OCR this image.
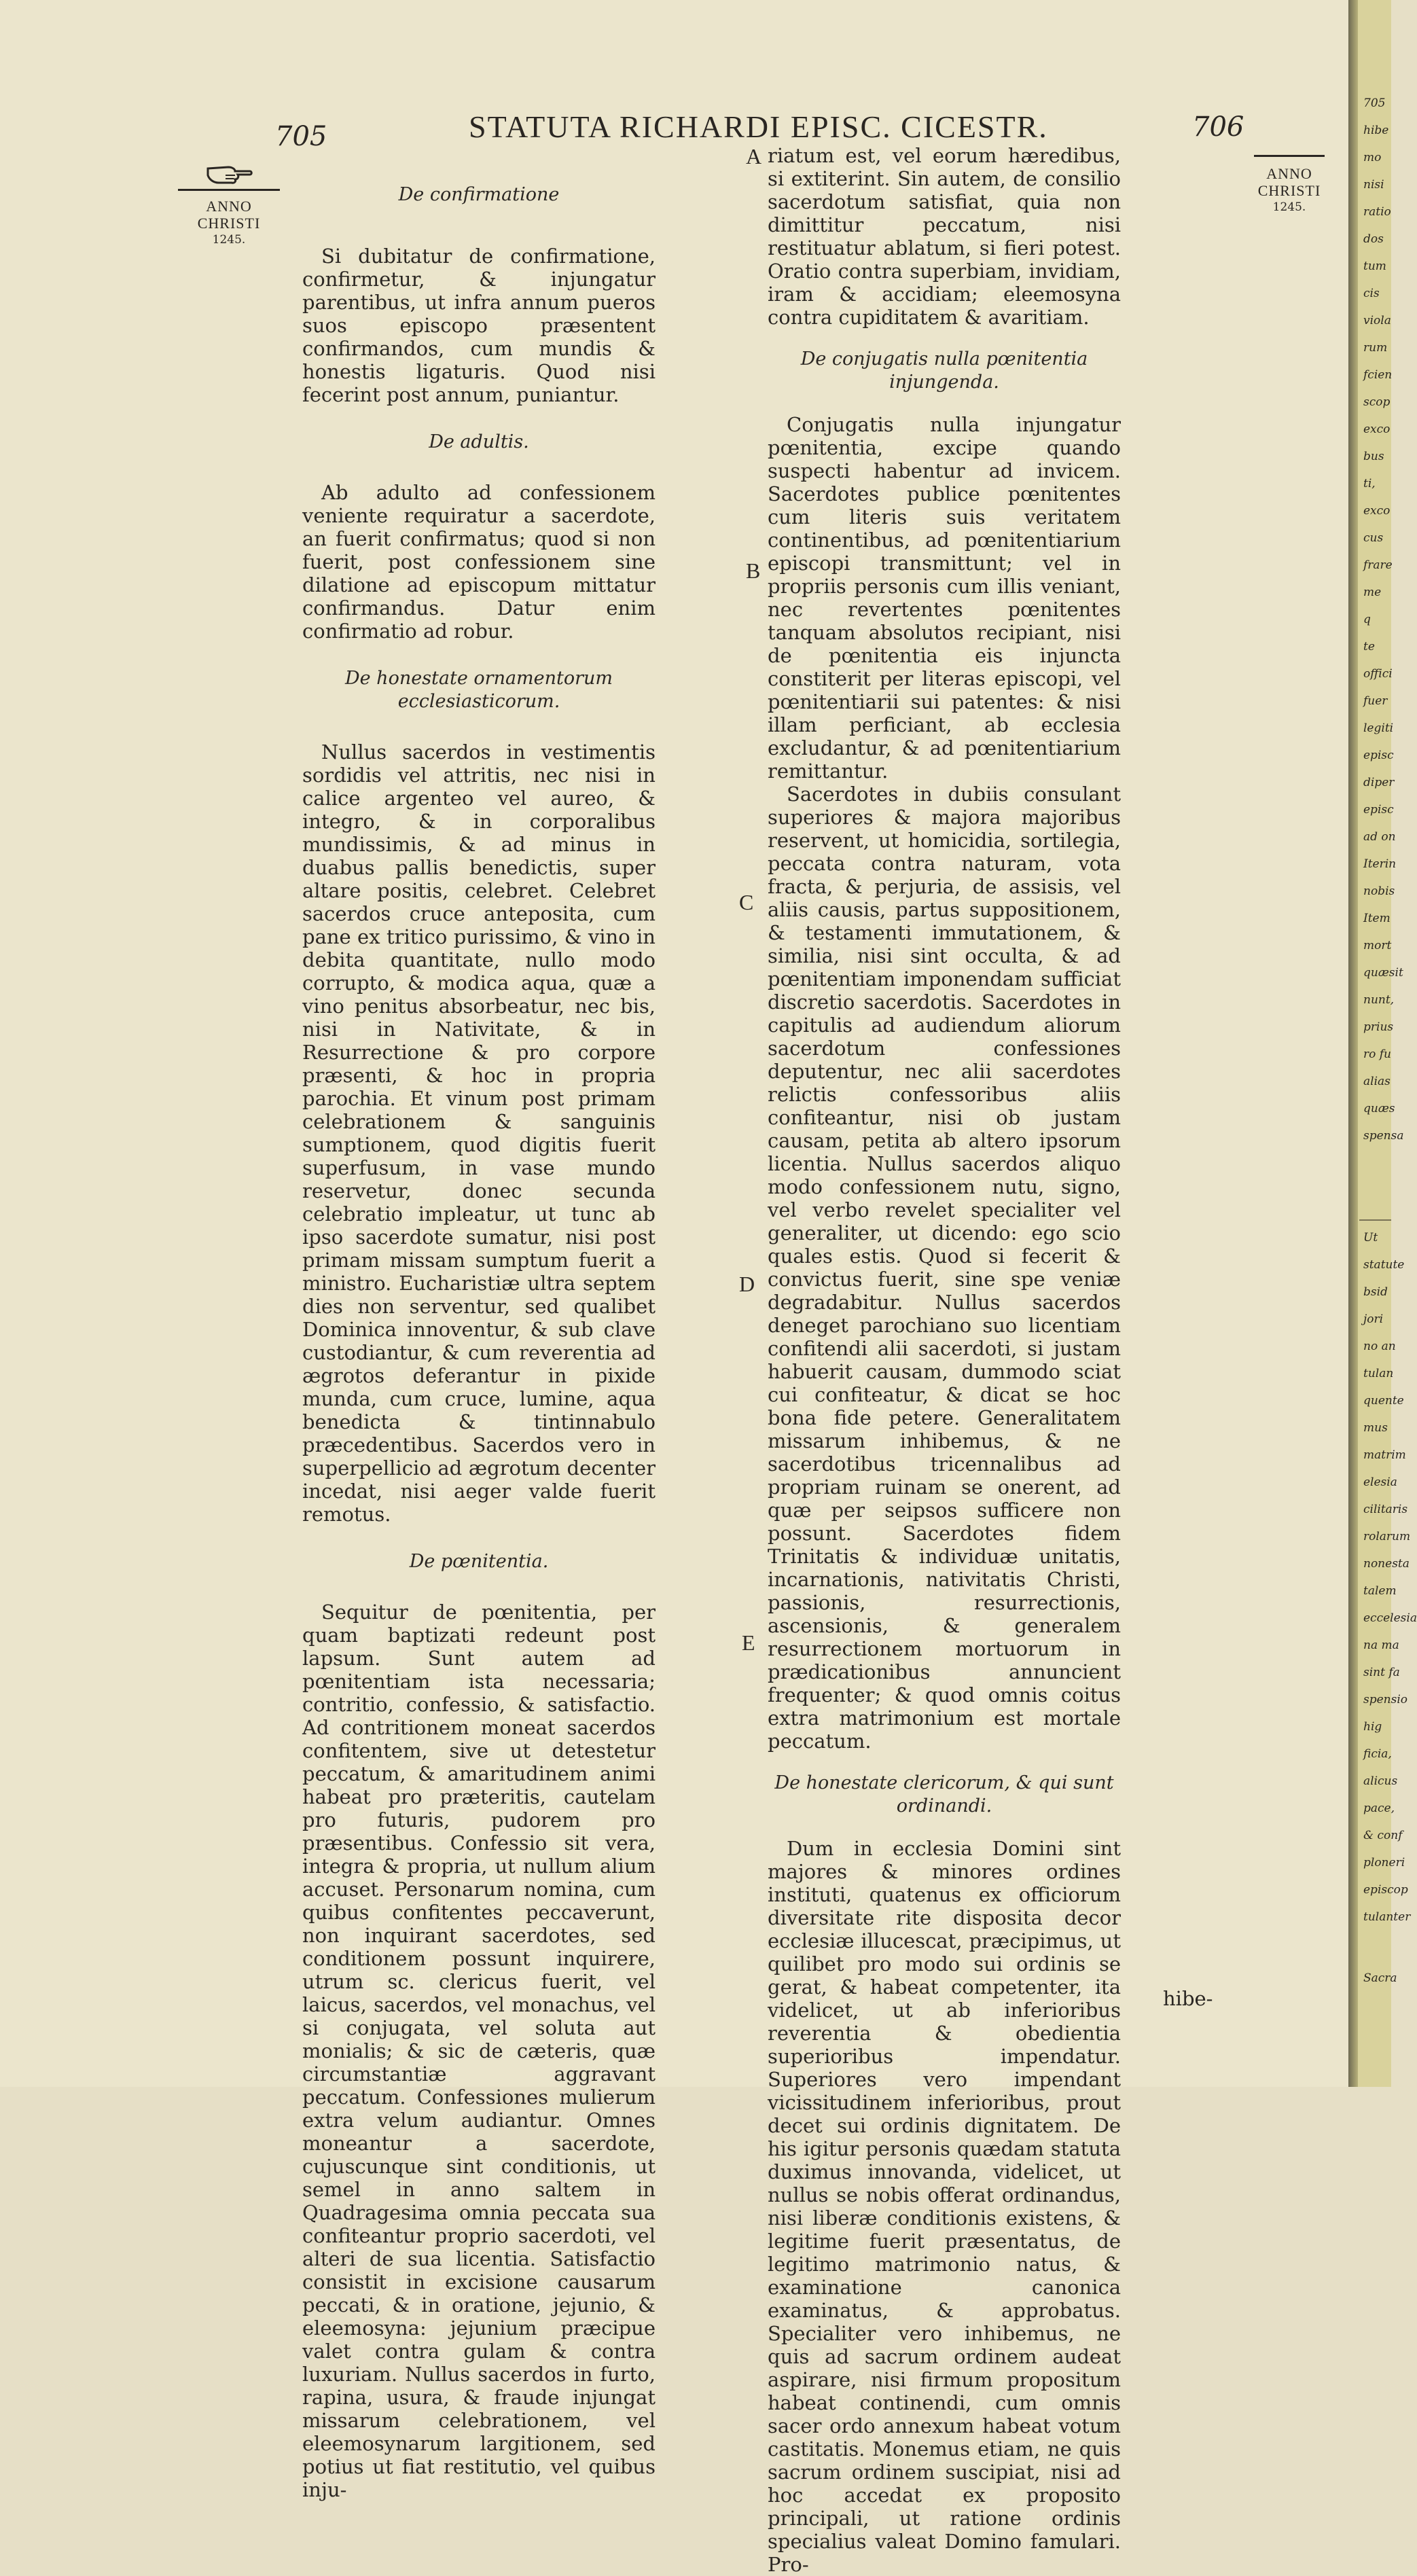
705	STATUTA RICHARDI EPISC. CICESTR.	706
ANNO
CHRISTI
1245.
ANNO
CHRISTI
1245.
De confirmatione

Si dubitatur de confirmatione, confirmetur, & injungatur parentibus, ut infra annum pueros suos episcopo præsentent confirmandos, cum mundis & honestis ligaturis. Quod nisi fecerint post annum, puniantur.

De adultis.

Ab adulto ad confessionem veniente requiratur a sacerdote, an fuerit confirmatus; quod si non fuerit, post confessionem sine dilatione ad episcopum mittatur confirmandus. Datur enim confirmatio ad robur.

De honestate ornamentorum ecclesiasticorum.

Nullus sacerdos in vestimentis sordidis vel attritis, nec nisi in calice argenteo vel aureo, & integro, & in corporalibus mundissimis, & ad minus in duabus pallis benedictis, super altare positis, celebret. Celebret sacerdos cruce anteposita, cum pane ex tritico purissimo, & vino in debita quantitate, nullo modo corrupto, & modica aqua, quæ a vino penitus absorbeatur, nec bis, nisi in Nativitate, & in Resurrectione & pro corpore præsenti, & hoc in propria parochia. Et vinum post primam celebrationem & sanguinis sumptionem, quod digitis fuerit superfusum, in vase mundo reservetur, donec secunda celebratio impleatur, ut tunc ab ipso sacerdote sumatur, nisi post primam missam sumptum fuerit a ministro. Eucharistiæ ultra septem dies non serventur, sed qualibet Dominica innoventur, & sub clave custodiantur, & cum reverentia ad ægrotos deferantur in pixide munda, cum cruce, lumine, aqua benedicta & tintinnabulo præcedentibus. Sacerdos vero in superpellicio ad ægrotum decenter incedat, nisi aeger valde fuerit remotus.

De pœnitentia.

Sequitur de pœnitentia, per quam baptizati redeunt post lapsum. Sunt autem ad pœnitentiam ista necessaria; contritio, confessio, & satisfactio. Ad contritionem moneat sacerdos confitentem, sive ut detestetur peccatum, & amaritudinem animi habeat pro præteritis, cautelam pro futuris, pudorem pro præsentibus. Confessio sit vera, integra & propria, ut nullum alium accuset. Personarum nomina, cum quibus confitentes peccaverunt, non inquirant sacerdotes, sed conditionem possunt inquirere, utrum sc. clericus fuerit, vel laicus, sacerdos, vel monachus, vel si conjugata, vel soluta aut monialis; & sic de cæteris, quæ circumstantiæ aggravant peccatum. Confessiones mulierum extra velum audiantur. Omnes moneantur a sacerdote, cujuscunque sint conditionis, ut semel in anno saltem in Quadragesima omnia peccata sua confiteantur proprio sacerdoti, vel alteri de sua licentia. Satisfactio consistit in excisione causarum peccati, & in oratione, jejunio, & eleemosyna: jejunium præcipue valet contra gulam & contra luxuriam. Nullus sacerdos in furto, rapina, usura, & fraude injungat missarum celebrationem, vel eleemosynarum largitionem, sed potius ut fiat restitutio, vel quibus inju-

riatum est, vel eorum hæredibus, si extiterint. Sin autem, de consilio sacerdotum satisfiat, quia non dimittitur peccatum, nisi restituatur ablatum, si fieri potest. Oratio contra superbiam, invidiam, iram & accidiam; eleemosyna contra cupiditatem & avaritiam.

De conjugatis nulla pœnitentia injungenda.

Conjugatis nulla injungatur pœnitentia, excipe quando suspecti habentur ad invicem. Sacerdotes publice pœnitentes cum literis suis veritatem continentibus, ad pœnitentiarium episcopi transmittunt; vel in propriis personis cum illis veniant, nec revertentes pœnitentes tanquam absolutos recipiant, nisi de pœnitentia eis injuncta constiterit per literas episcopi, vel pœnitentiarii sui patentes: & nisi illam perficiant, ab ecclesia excludantur, & ad pœnitentiarium remittantur.

Sacerdotes in dubiis consulant superiores & majora majoribus reservent, ut homicidia, sortilegia, peccata contra naturam, vota fracta, & perjuria, de assisis, vel aliis causis, partus suppositionem, & testamenti immutationem, & similia, nisi sint occulta, & ad pœnitentiam imponendam sufficiat discretio sacerdotis. Sacerdotes in capitulis ad audiendum aliorum sacerdotum confessiones deputentur, nec alii sacerdotes relictis confessoribus aliis confiteantur, nisi ob justam causam, petita ab altero ipsorum licentia. Nullus sacerdos aliquo modo confessionem nutu, signo, vel verbo revelet specialiter vel generaliter, ut dicendo: ego scio quales estis. Quod si fecerit & convictus fuerit, sine spe veniæ degradabitur. Nullus sacerdos deneget parochiano suo licentiam confitendi alii sacerdoti, si justam habuerit causam, dummodo sciat cui confiteatur, & dicat se hoc bona fide petere. Generalitatem missarum inhibemus, & ne sacerdotibus tricennalibus ad propriam ruinam se onerent, ad quæ per seipsos sufficere non possunt. Sacerdotes fidem Trinitatis & individuæ unitatis, incarnationis, nativitatis Christi, passionis, resurrectionis, ascensionis, & generalem resurrectionem mortuorum in prædicationibus annuncient frequenter; & quod omnis coitus extra matrimonium est mortale peccatum.

De honestate clericorum, & qui sunt ordinandi.

Dum in ecclesia Domini sint majores & minores ordines instituti, quatenus ex officiorum diversitate rite disposita decor ecclesiæ illucescat, præcipimus, ut quilibet pro modo sui ordinis se gerat, & habeat competenter, ita videlicet, ut ab inferioribus reverentia & obedientia superioribus impendatur. Superiores vero impendant vicissitudinem inferioribus, prout decet sui ordinis dignitatem. De his igitur personis quædam statuta duximus innovanda, videlicet, ut nullus se nobis offerat ordinandus, nisi liberæ conditionis existens, & legitime fuerit præsentatus, de legitimo matrimonio natus, & examinatione canonica examinatus, & approbatus. Specialiter vero inhibemus, ne quis ad sacrum ordinem audeat aspirare, nisi firmum propositum habeat continendi, cum omnis sacer ordo annexum habeat votum castitatis. Monemus etiam, ne quis sacrum ordinem suscipiat, nisi ad hoc accedat ex proposito principali, ut ratione ordinis specialius valeat Domino famulari. Pro-

A
B
C
D
E
hibe-
705
hibe
mo
nisi
ratio
dos
tum
cis
viola
rum
fcien
scop
exco
bus
ti,
exco
cus
frare
me
q
te
offici
fuer
legiti
episc
diper
episc
ad on
Iterin
nobis
Item
mort
quæsit
nunt,
prius
ro fu
alias
quæs
spensa
Ut
statute
bsid
jori
no an
tulan
quente
mus
matrim
elesia
cilitaris
rolarum
nonesta
talem
eccelesia
na ma
sint fa
spensio
hig
ficia,
alicus
pace,
& conf
ploneri
episcop
tulanter
Sacra
